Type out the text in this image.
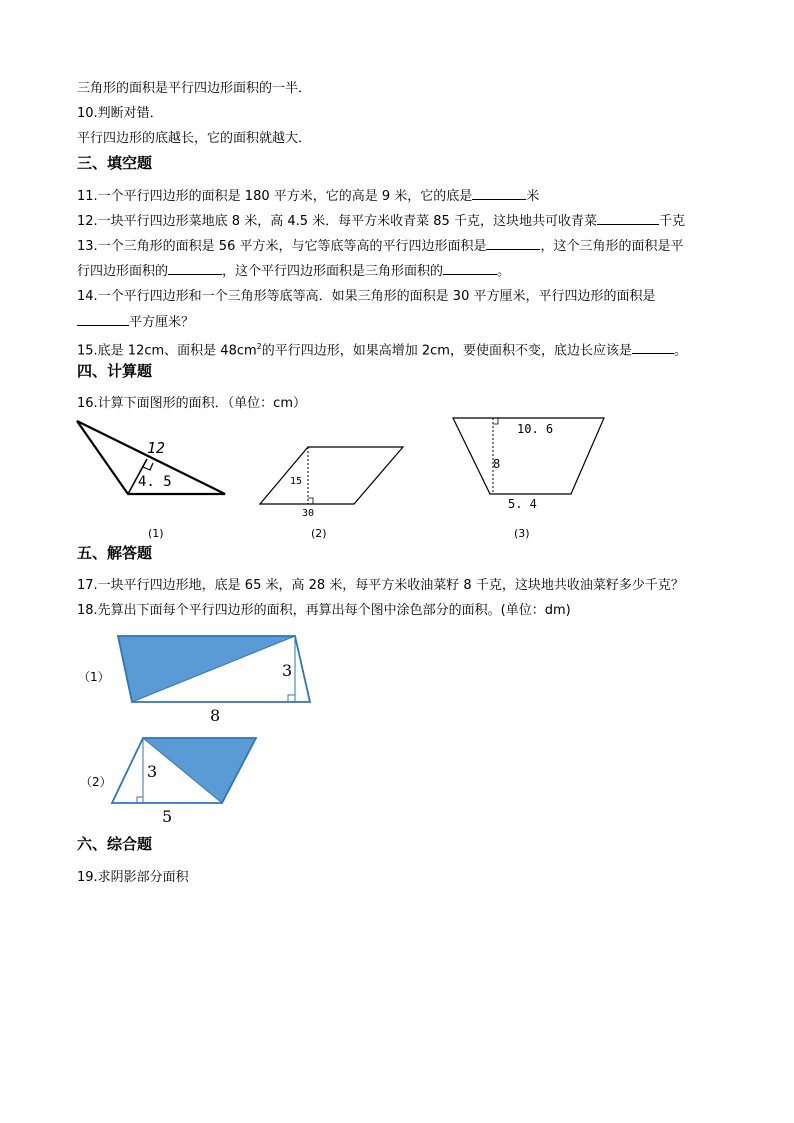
三角形的面积是平行四边形面积的一半．
10.判断对错．
平行四边形的底越长，它的面积就越大．
三、填空题
11.一个平行四边形的面积是 180 平方米，它的高是 9 米，它的底是	米
12.一块平行四边形菜地底 8 米，高 4.5 米．每平方米收青菜 85 千克，这块地共可收青菜	千克
13.一个三角形的面积是 56 平方米，与它等底等高的平行四边形面积是	，这个三角形的面积是平
行四边形面积的	，这个平行四边形面积是三角形面积的	。
14.一个平行四边形和一个三角形等底等高．如果三角形的面积是 30 平方厘米，平行四边形的面积是
平方厘米？
15.底是 12cm、面积是 $48cm^2$的平行四边形，如果高增加 2cm，要使面积不变，底边长应该是	。
四、计算题
16.计算下面图形的面积．（单位：cm）
12
4. 5
(1)
15
30
(2)
10. 6
8
5. 4
(3)
五、解答题
17.一块平行四边形地，底是 65 米，高 28 米，每平方米收油菜籽 8 千克，这块地共收油菜籽多少千克？
18.先算出下面每个平行四边形的面积，再算出每个图中涂色部分的面积。(单位：dm)
（1）	3
8
（2）
3
5
六、综合题
19.求阴影部分面积
